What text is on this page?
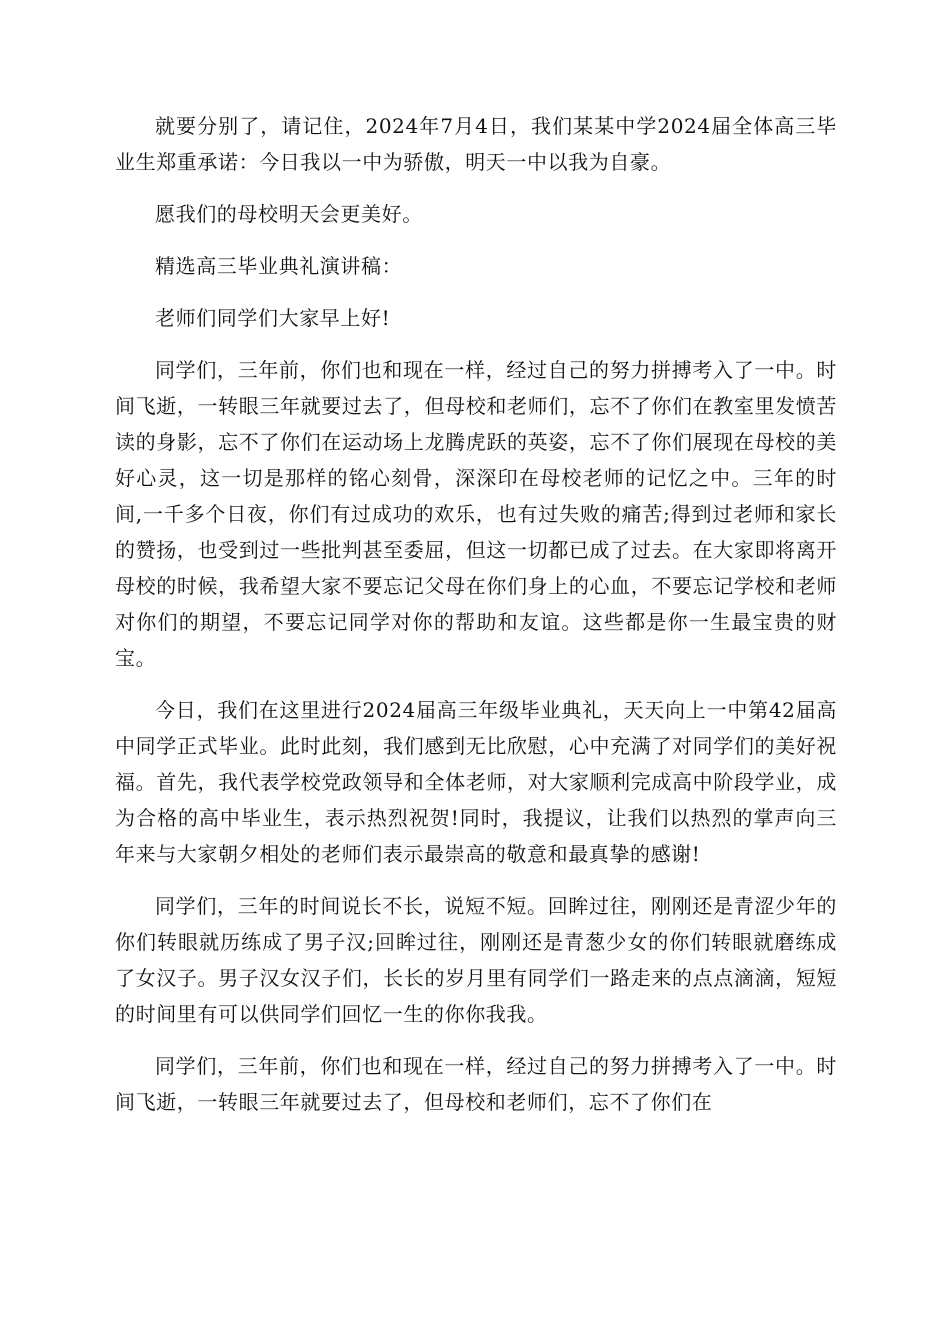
就要分别了，请记住，2024年7月4日，我们某某中学2024届全体高三毕业生郑重承诺：今日我以一中为骄傲，明天一中以我为自豪。

愿我们的母校明天会更美好。

精选高三毕业典礼演讲稿：

老师们同学们大家早上好!

同学们，三年前，你们也和现在一样，经过自己的努力拼搏考入了一中。时间飞逝，一转眼三年就要过去了，但母校和老师们，忘不了你们在教室里发愤苦读的身影，忘不了你们在运动场上龙腾虎跃的英姿，忘不了你们展现在母校的美好心灵，这一切是那样的铭心刻骨，深深印在母校老师的记忆之中。三年的时间,一千多个日夜，你们有过成功的欢乐，也有过失败的痛苦;得到过老师和家长的赞扬，也受到过一些批判甚至委屈，但这一切都已成了过去。在大家即将离开母校的时候，我希望大家不要忘记父母在你们身上的心血，不要忘记学校和老师对你们的期望，不要忘记同学对你的帮助和友谊。这些都是你一生最宝贵的财宝。

今日，我们在这里进行2024届高三年级毕业典礼，天天向上一中第42届高中同学正式毕业。此时此刻，我们感到无比欣慰，心中充满了对同学们的美好祝福。首先，我代表学校党政领导和全体老师，对大家顺利完成高中阶段学业，成为合格的高中毕业生，表示热烈祝贺!同时，我提议，让我们以热烈的掌声向三年来与大家朝夕相处的老师们表示最崇高的敬意和最真挚的感谢!

同学们，三年的时间说长不长，说短不短。回眸过往，刚刚还是青涩少年的你们转眼就历练成了男子汉;回眸过往，刚刚还是青葱少女的你们转眼就磨练成了女汉子。男子汉女汉子们，长长的岁月里有同学们一路走来的点点滴滴，短短的时间里有可以供同学们回忆一生的你你我我。

同学们，三年前，你们也和现在一样，经过自己的努力拼搏考入了一中。时间飞逝，一转眼三年就要过去了，但母校和老师们，忘不了你们在
